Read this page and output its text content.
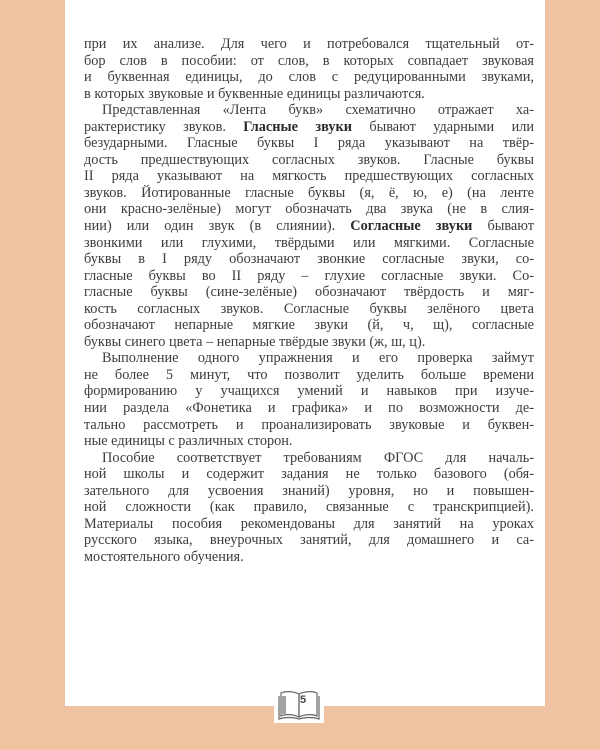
при их анализе. Для чего и потребовался тщательный от-
бор слов в пособии: от слов, в которых совпадает звуковая
и буквенная единицы, до слов с редуцированными звуками,
в которых звуковые и буквенные единицы различаются.
Представленная «Лента букв» схематично отражает ха-
рактеристику звуков. Гласные звуки бывают ударными или
безударными. Гласные буквы I ряда указывают на твёр-
дость предшествующих согласных звуков. Гласные буквы
II ряда указывают на мягкость предшествующих согласных
звуков. Йотированные гласные буквы (я, ё, ю, е) (на ленте
они красно-зелёные) могут обозначать два звука (не в слия-
нии) или один звук (в слиянии). Согласные звуки бывают
звонкими или глухими, твёрдыми или мягкими. Согласные
буквы в I ряду обозначают звонкие согласные звуки, со-
гласные буквы во II ряду – глухие согласные звуки. Со-
гласные буквы (сине-зелёные) обозначают твёрдость и мяг-
кость согласных звуков. Согласные буквы зелёного цвета
обозначают непарные мягкие звуки (й, ч, щ), согласные
буквы синего цвета – непарные твёрдые звуки (ж, ш, ц).
Выполнение одного упражнения и его проверка займут
не более 5 минут, что позволит уделить больше времени
формированию у учащихся умений и навыков при изуче-
нии раздела «Фонетика и графика» и по возможности де-
тально рассмотреть и проанализировать звуковые и буквен-
ные единицы с различных сторон.
Пособие соответствует требованиям ФГОС для началь-
ной школы и содержит задания не только базового (обя-
зательного для усвоения знаний) уровня, но и повышен-
ной сложности (как правило, связанные с транскрипцией).
Материалы пособия рекомендованы для занятий на уроках
русского языка, внеурочных занятий, для домашнего и са-
мостоятельного обучения.
5
